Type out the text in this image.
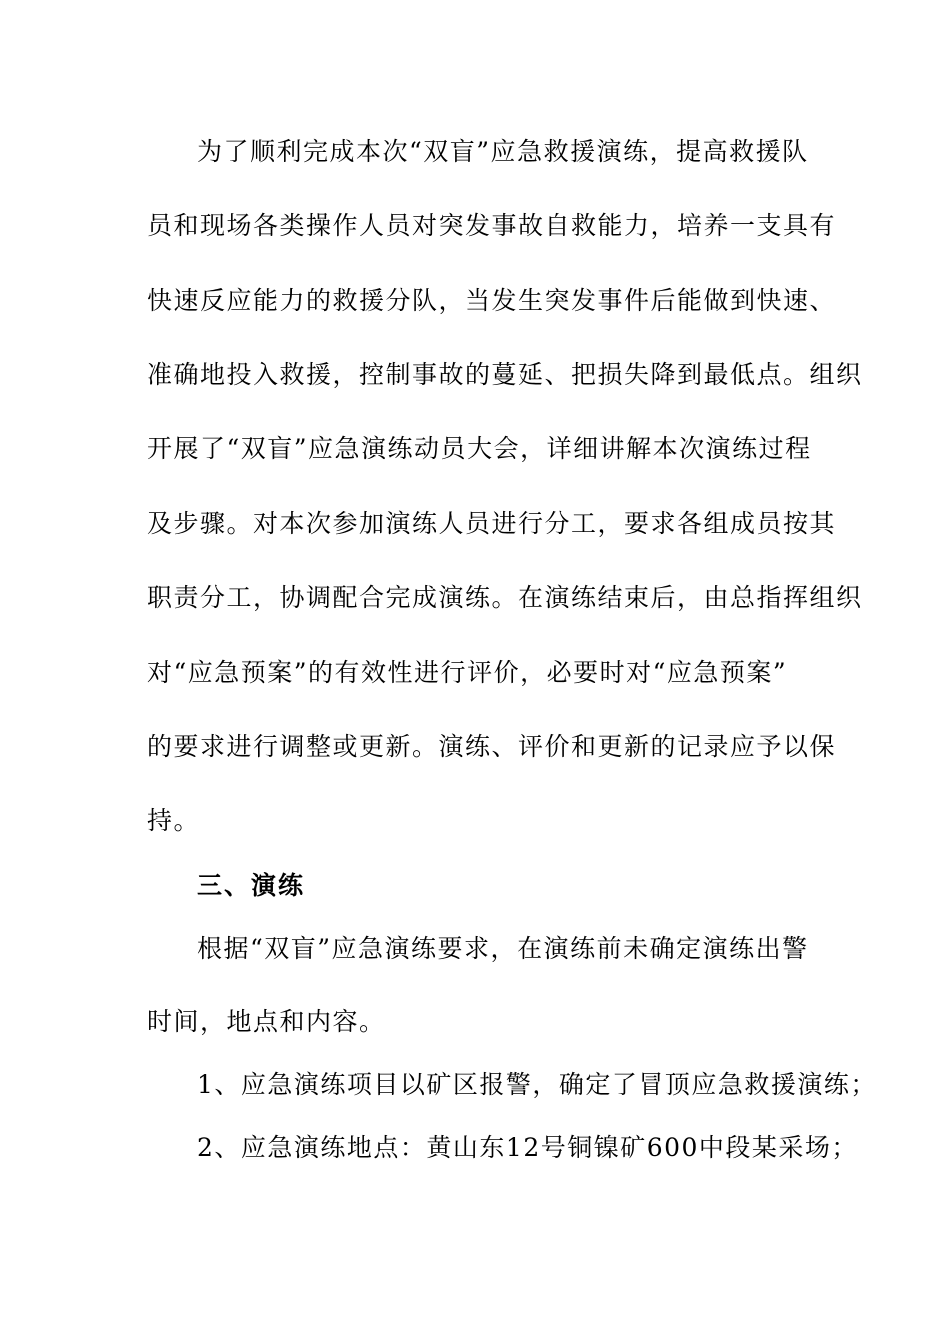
为了顺利完成本次“双盲”应急救援演练，提高救援队
员和现场各类操作人员对突发事故自救能力，培养一支具有
快速反应能力的救援分队，当发生突发事件后能做到快速、
准确地投入救援，控制事故的蔓延、把损失降到最低点。组织
开展了“双盲”应急演练动员大会，详细讲解本次演练过程
及步骤。对本次参加演练人员进行分工，要求各组成员按其
职责分工，协调配合完成演练。在演练结束后，由总指挥组织
对“应急预案”的有效性进行评价，必要时对“应急预案”
的要求进行调整或更新。演练、评价和更新的记录应予以保
持。
三、演练
根据“双盲”应急演练要求，在演练前未确定演练出警
时间，地点和内容。
1、应急演练项目以矿区报警，确定了冒顶应急救援演练；
2、应急演练地点：黄山东12号铜镍矿600中段某采场；
